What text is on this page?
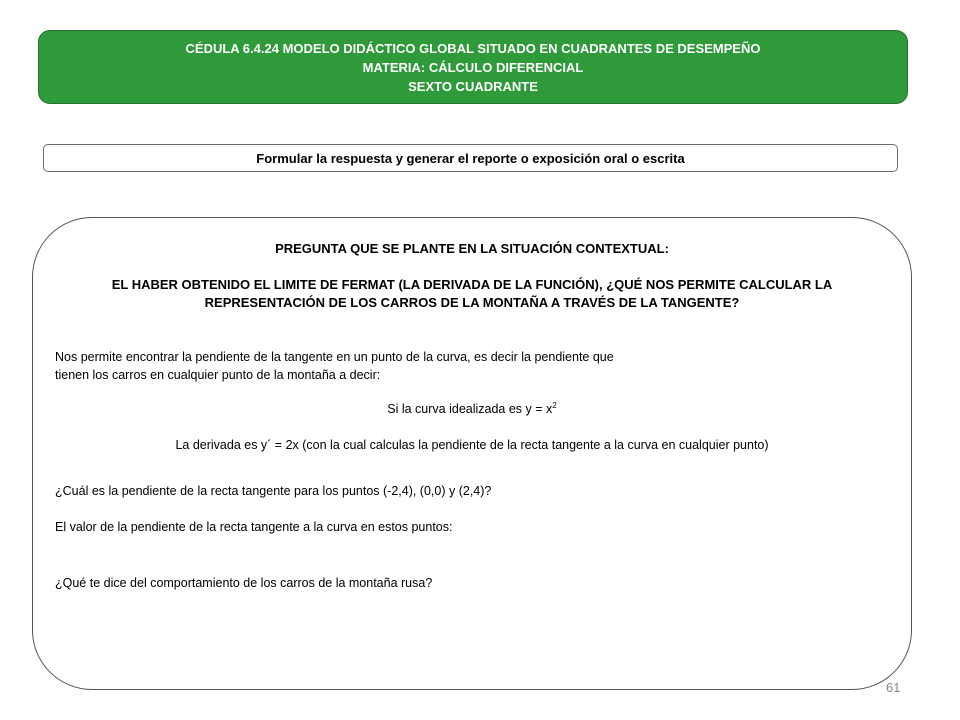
CÉDULA 6.4.24 MODELO DIDÁCTICO GLOBAL SITUADO EN CUADRANTES DE DESEMPEÑO
MATERIA: CÁLCULO DIFERENCIAL
SEXTO CUADRANTE
Formular la respuesta y generar el reporte o exposición oral o escrita
PREGUNTA QUE SE PLANTE EN LA SITUACIÓN CONTEXTUAL:
EL HABER OBTENIDO EL LIMITE DE FERMAT (LA DERIVADA DE LA FUNCIÓN), ¿QUÉ NOS PERMITE CALCULAR LA
REPRESENTACIÓN DE LOS CARROS DE LA MONTAÑA A TRAVÉS DE LA TANGENTE?
Nos permite encontrar la pendiente de la tangente en un punto de la curva, es decir la pendiente que
tienen los carros en cualquier punto de la montaña a decir:
Si la curva idealizada es $y = x^2$
La derivada es y´ = 2x (con la cual calculas la pendiente de la recta tangente a la curva en cualquier punto)
¿Cuál es la pendiente de la recta tangente para los puntos (-2,4), (0,0) y (2,4)?
El valor de la pendiente de la recta tangente a la curva en estos puntos:
¿Qué te dice del comportamiento de los carros de la montaña rusa?
61
